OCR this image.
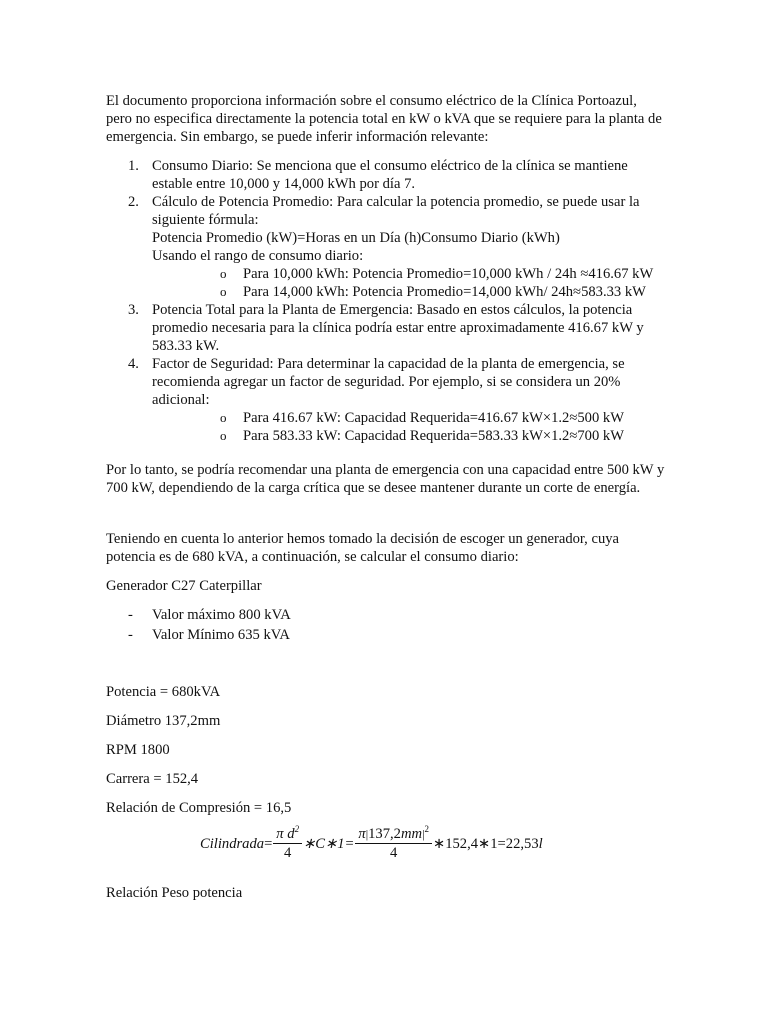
El documento proporciona información sobre el consumo eléctrico de la Clínica Portoazul, pero no especifica directamente la potencia total en kW o kVA que se requiere para la planta de emergencia. Sin embargo, se puede inferir información relevante:

1. Consumo Diario: Se menciona que el consumo eléctrico de la clínica se mantiene estable entre 10,000 y 14,000 kWh por día 7.

2. Cálculo de Potencia Promedio: Para calcular la potencia promedio, se puede usar la siguiente fórmula:

Potencia Promedio (kW)=Horas en un Día (h)Consumo Diario (kWh)

Usando el rango de consumo diario:

o Para 10,000 kWh: Potencia Promedio=10,000 kWh / 24h ≈416.67 kW
o Para 14,000 kWh: Potencia Promedio=14,000 kWh/ 24h≈583.33 kW
3. Potencia Total para la Planta de Emergencia: Basado en estos cálculos, la potencia promedio necesaria para la clínica podría estar entre aproximadamente 416.67 kW y 583.33 kW.

4. Factor de Seguridad: Para determinar la capacidad de la planta de emergencia, se recomienda agregar un factor de seguridad. Por ejemplo, si se considera un 20% adicional:

o Para 416.67 kW: Capacidad Requerida=416.67 kW×1.2≈500 kW
o Para 583.33 kW: Capacidad Requerida=583.33 kW×1.2≈700 kW

Por lo tanto, se podría recomendar una planta de emergencia con una capacidad entre 500 kW y 700 kW, dependiendo de la carga crítica que se desee mantener durante un corte de energía.

Teniendo en cuenta lo anterior hemos tomado la decisión de escoger un generador, cuya potencia es de 680 kVA, a continuación, se calcular el consumo diario:

Generador C27 Caterpillar

- Valor máximo 800 kVA
- Valor Mínimo 635 kVA

Potencia = 680kVA

Diámetro 137,2mm

RPM 1800

Carrera = 152,4

Relación de Compresión = 16,5

Cilindrada = $\frac{\pi d^2}{4}$ ∗C∗1= $\frac{\pi|137,2mm|^2}{4}$ ∗152,4∗1=22,53 l

Relación Peso potencia
